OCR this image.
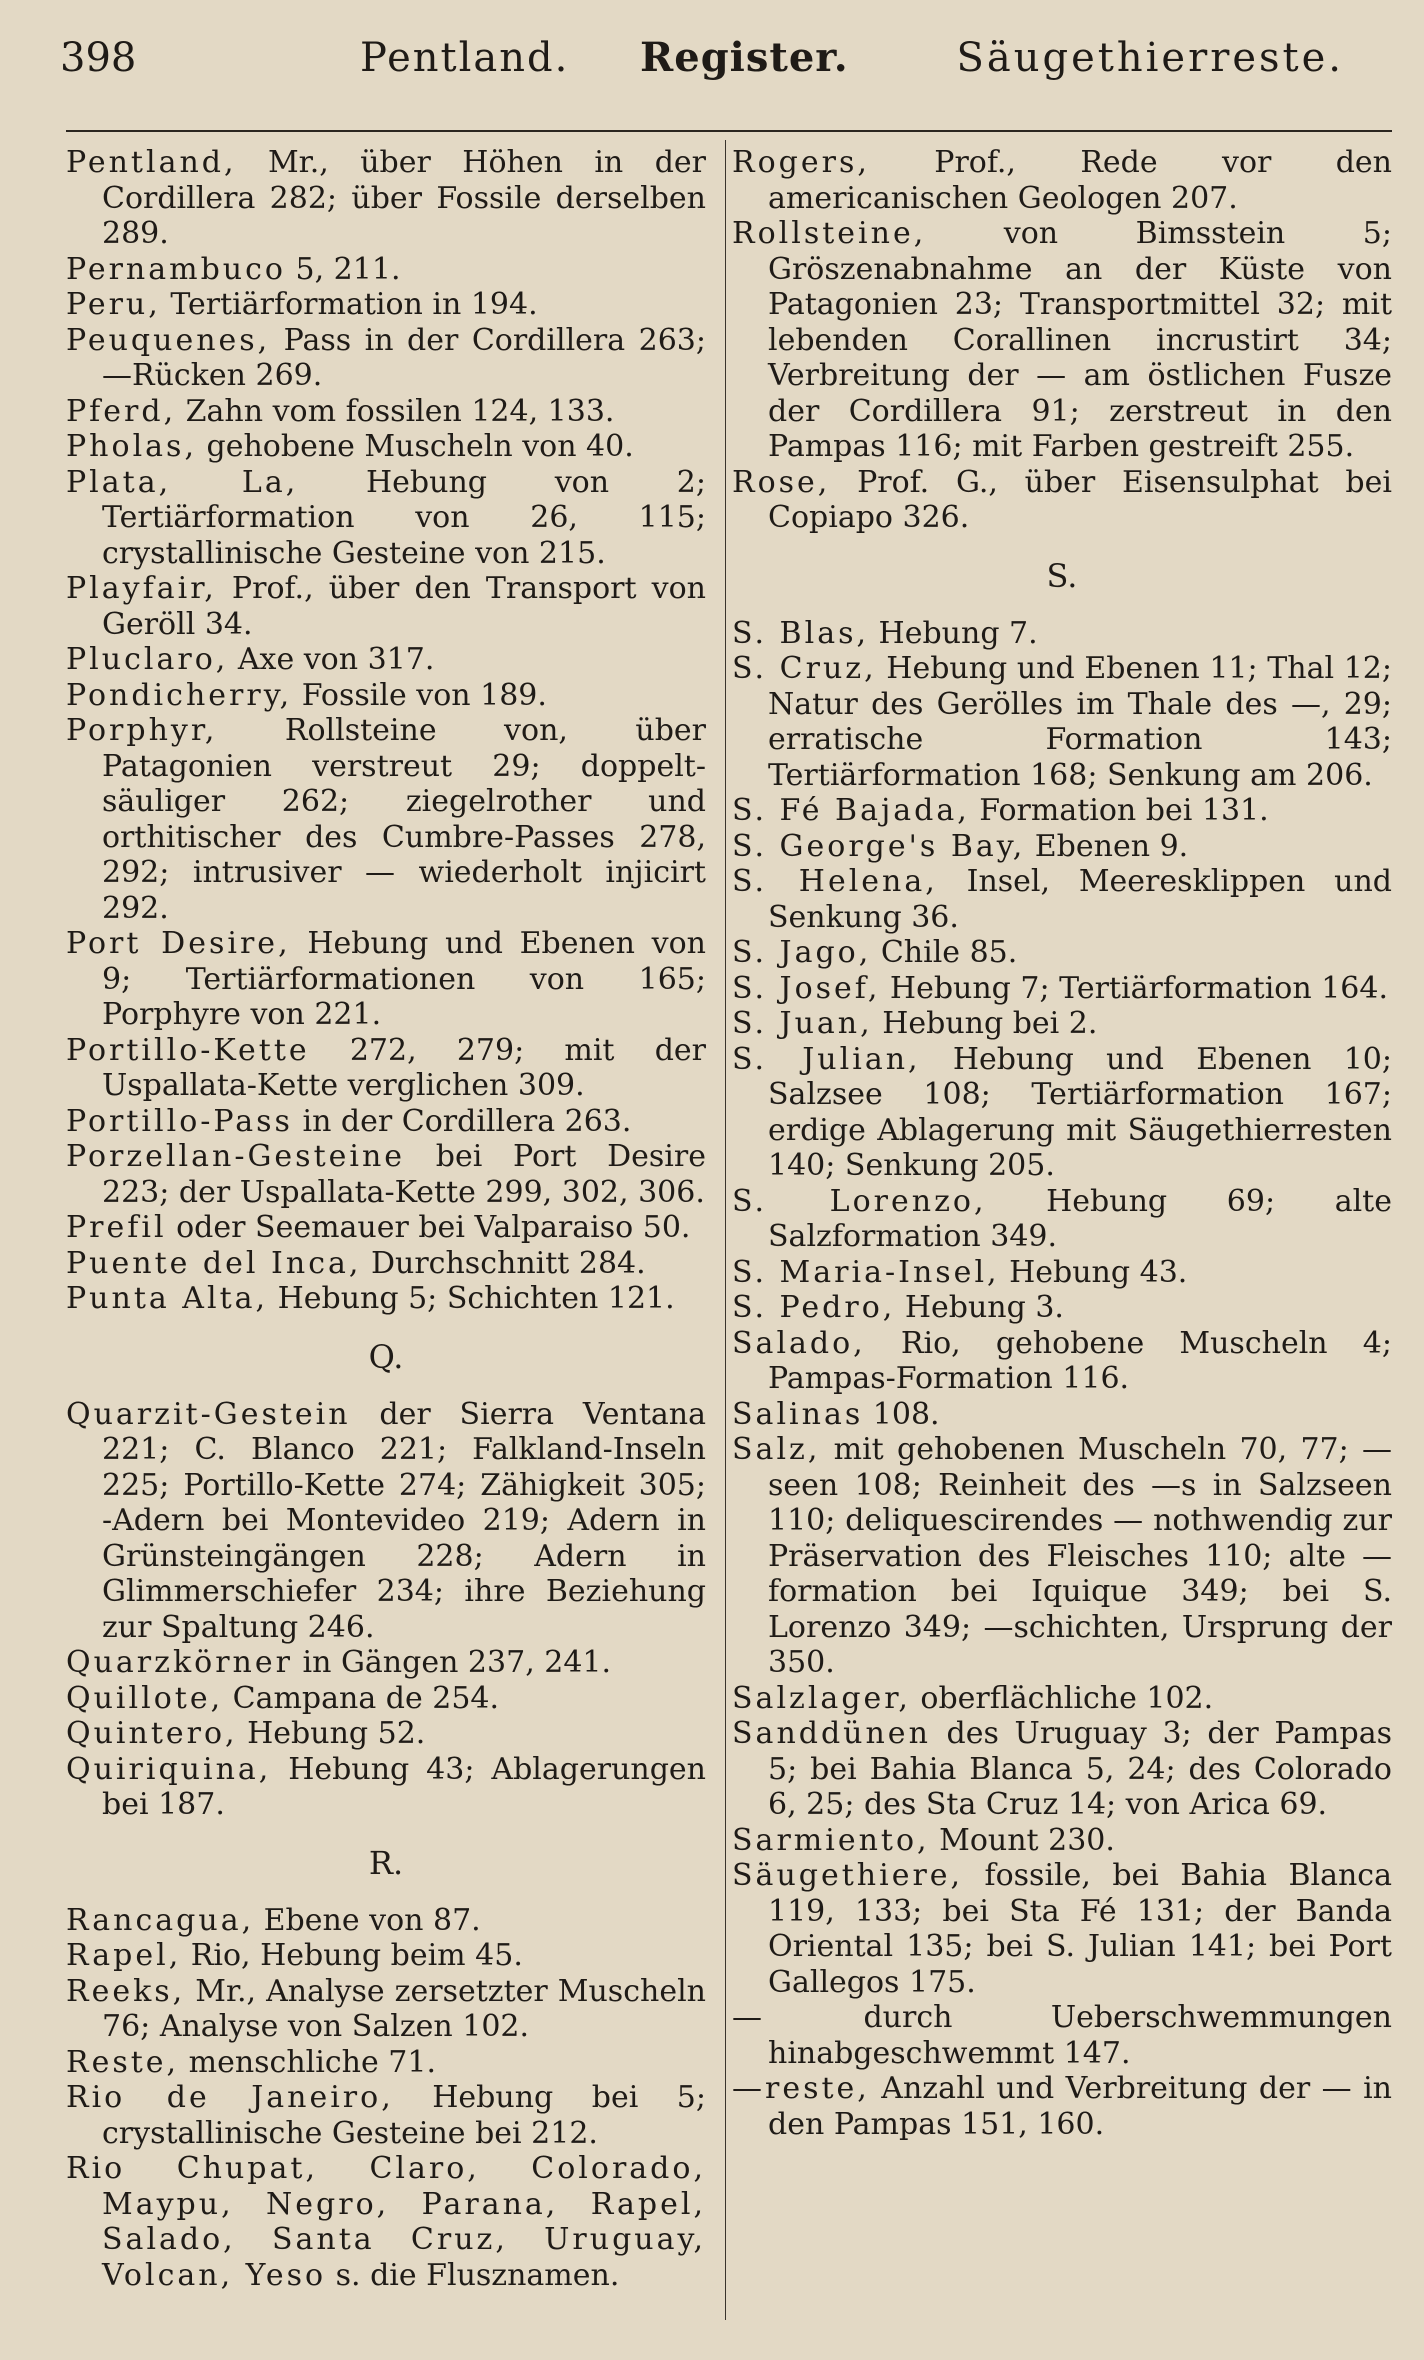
398	Pentland. Register.	Säugethierreste.

Pentland, Mr., über Höhen in der Cordillera 282; über Fossile derselben 289.

Pernambuco 5, 211.

Peru, Tertiärformation in 194.

Peuquenes, Pass in der Cordillera 263; —Rücken 269.

Pferd, Zahn vom fossilen 124, 133.

Pholas, gehobene Muscheln von 40.

Plata, La, Hebung von 2; Tertiärformation von 26, 115; crystallinische Gesteine von 215.

Playfair, Prof., über den Transport von Geröll 34.

Pluclaro, Axe von 317.

Pondicherry, Fossile von 189.

Porphyr, Rollsteine von, über Patagonien verstreut 29; doppelt-säuliger 262; ziegelrother und orthitischer des Cumbre-Passes 278, 292; intrusiver — wiederholt injicirt 292.

Port Desire, Hebung und Ebenen von 9; Tertiärformationen von 165; Porphyre von 221.

Portillo-Kette 272, 279; mit der Uspallata-Kette verglichen 309.

Portillo-Pass in der Cordillera 263.

Porzellan-Gesteine bei Port Desire 223; der Uspallata-Kette 299, 302, 306.

Prefil oder Seemauer bei Valparaiso 50.

Puente del Inca, Durchschnitt 284.

Punta Alta, Hebung 5; Schichten 121.

Q.

Quarzit-Gestein der Sierra Ventana 221; C. Blanco 221; Falkland-Inseln 225; Portillo-Kette 274; Zähigkeit 305; -Adern bei Montevideo 219; Adern in Grünsteingängen 228; Adern in Glimmerschiefer 234; ihre Beziehung zur Spaltung 246.

Quarzkörner in Gängen 237, 241.

Quillote, Campana de 254.

Quintero, Hebung 52.

Quiriquina, Hebung 43; Ablagerungen bei 187.

R.

Rancagua, Ebene von 87.

Rapel, Rio, Hebung beim 45.

Reeks, Mr., Analyse zersetzter Muscheln 76; Analyse von Salzen 102.

Reste, menschliche 71.

Rio de Janeiro, Hebung bei 5; crystallinische Gesteine bei 212.

Rio Chupat, Claro, Colorado, Maypu, Negro, Parana, Rapel, Salado, Santa Cruz, Uruguay, Volcan, Yeso s. die Flusznamen.

Rogers, Prof., Rede vor den americanischen Geologen 207.

Rollsteine, von Bimsstein 5; Gröszenabnahme an der Küste von Patagonien 23; Transportmittel 32; mit lebenden Corallinen incrustirt 34; Verbreitung der — am östlichen Fusze der Cordillera 91; zerstreut in den Pampas 116; mit Farben gestreift 255.

Rose, Prof. G., über Eisensulphat bei Copiapo 326.

S.

S. Blas, Hebung 7.

S. Cruz, Hebung und Ebenen 11; Thal 12; Natur des Gerölles im Thale des —, 29; erratische Formation 143; Tertiärformation 168; Senkung am 206.

S. Fé Bajada, Formation bei 131.

S. George's Bay, Ebenen 9.

S. Helena, Insel, Meeresklippen und Senkung 36.

S. Jago, Chile 85.

S. Josef, Hebung 7; Tertiärformation 164.

S. Juan, Hebung bei 2.

S. Julian, Hebung und Ebenen 10; Salzsee 108; Tertiärformation 167; erdige Ablagerung mit Säugethierresten 140; Senkung 205.

S. Lorenzo, Hebung 69; alte Salzformation 349.

S. Maria-Insel, Hebung 43.

S. Pedro, Hebung 3.

Salado, Rio, gehobene Muscheln 4; Pampas-Formation 116.

Salinas 108.

Salz, mit gehobenen Muscheln 70, 77; —seen 108; Reinheit des —s in Salzseen 110; deliquescirendes — nothwendig zur Präservation des Fleisches 110; alte —formation bei Iquique 349; bei S. Lorenzo 349; —schichten, Ursprung der 350.

Salzlager, oberflächliche 102.

Sanddünen des Uruguay 3; der Pampas 5; bei Bahia Blanca 5, 24; des Colorado 6, 25; des Sta Cruz 14; von Arica 69.

Sarmiento, Mount 230.

Säugethiere, fossile, bei Bahia Blanca 119, 133; bei Sta Fé 131; der Banda Oriental 135; bei S. Julian 141; bei Port Gallegos 175.

— durch Ueberschwemmungen hinabgeschwemmt 147.

—reste, Anzahl und Verbreitung der — in den Pampas 151, 160.
